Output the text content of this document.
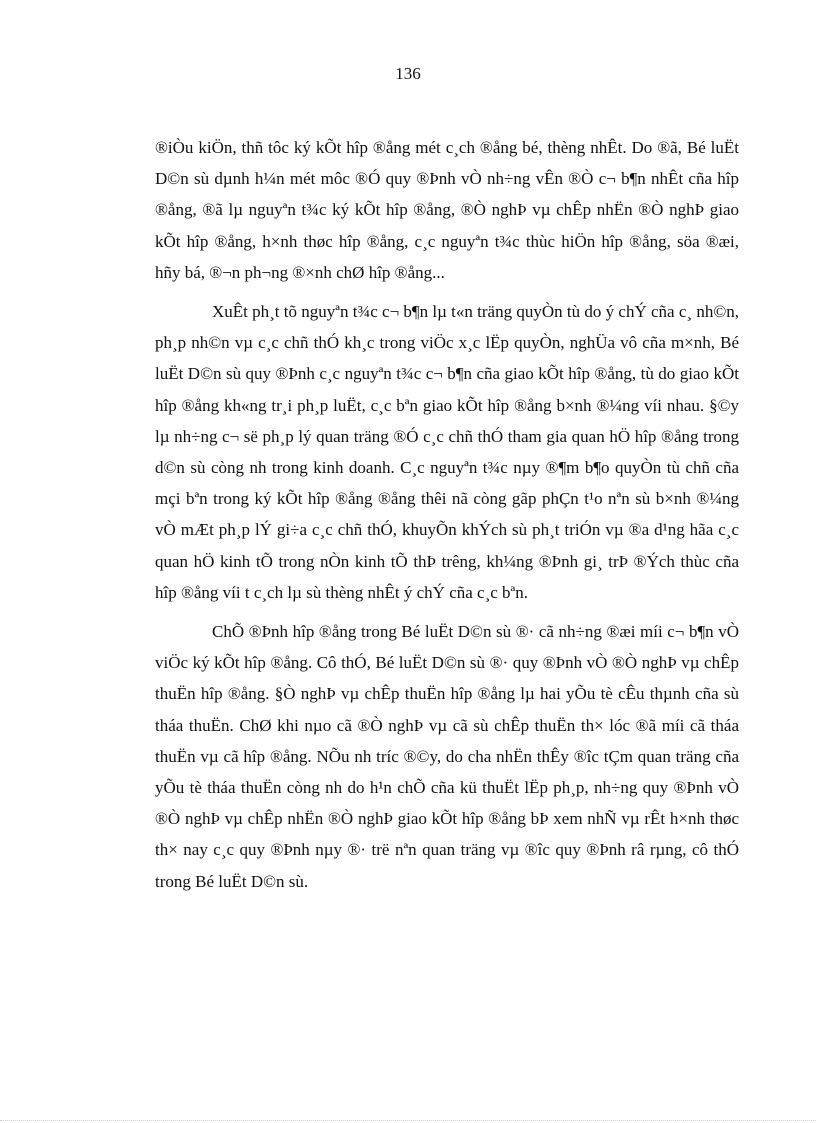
136

®iÒu kiÖn, thñ tôc ký kÕt hîp ®ång mét c¸ch ®ång bé, thèng nhÊt. Do ®ã, Bé luËt D©n sù dµnh h¼n mét môc ®Ó quy ®Þnh vÒ nh÷ng vÊn ®Ò c¬ b¶n nhÊt cña hîp ®ång, ®ã lµ nguyªn t¾c ký kÕt hîp ®ång, ®Ò nghÞ vµ chÊp nhËn ®Ò nghÞ giao kÕt hîp ®ång, h×nh thøc hîp ®ång, c¸c nguyªn t¾c thùc hiÖn hîp ®ång, söa ®æi, hñy bá, ®¬n ph¬ng ®×nh chØ hîp ®ång...

XuÊt ph¸t tõ nguyªn t¾c c¬ b¶n lµ t«n träng quyÒn tù do ý chÝ cña c¸ nh©n, ph¸p nh©n vµ c¸c chñ thÓ kh¸c trong viÖc x¸c lËp quyÒn, nghÜa vô cña m×nh, Bé luËt D©n sù quy ®Þnh c¸c nguyªn t¾c c¬ b¶n cña giao kÕt hîp ®ång, tù do giao kÕt hîp ®ång kh«ng tr¸i ph¸p luËt, c¸c bªn giao kÕt hîp ®ång b×nh ®¼ng víi nhau. §©y lµ nh÷ng c¬ së ph¸p lý quan träng ®Ó c¸c chñ thÓ tham gia quan hÖ hîp ®ång trong d©n sù còng nh trong kinh doanh. C¸c nguyªn t¾c nµy ®¶m b¶o quyÒn tù chñ cña mçi bªn trong ký kÕt hîp ®ång ®ång thêi nã còng gãp phÇn t¹o nªn sù b×nh ®¼ng vÒ mÆt ph¸p lÝ gi÷a c¸c chñ thÓ, khuyÕn khÝch sù ph¸t triÓn vµ ®a d¹ng hãa c¸c quan hÖ kinh tÕ trong nÒn kinh tÕ thÞ trêng, kh¼ng ®Þnh gi¸ trÞ ®Ých thùc cña hîp ®ång víi t c¸ch lµ sù thèng nhÊt ý chÝ cña c¸c bªn.

ChÕ ®Þnh hîp ®ång trong Bé luËt D©n sù ®· cã nh÷ng ®æi míi c¬ b¶n vÒ viÖc ký kÕt hîp ®ång. Cô thÓ, Bé luËt D©n sù ®· quy ®Þnh vÒ ®Ò nghÞ vµ chÊp thuËn hîp ®ång. §Ò nghÞ vµ chÊp thuËn hîp ®ång lµ hai yÕu tè cÊu thµnh cña sù tháa thuËn. ChØ khi nµo cã ®Ò nghÞ vµ cã sù chÊp thuËn th× lóc ®ã míi cã tháa thuËn vµ cã hîp ®ång. NÕu nh tríc ®©y, do cha nhËn thÊy ®îc tÇm quan träng cña yÕu tè tháa thuËn còng nh do h¹n chÕ cña kü thuËt lËp ph¸p, nh÷ng quy ®Þnh vÒ ®Ò nghÞ vµ chÊp nhËn ®Ò nghÞ giao kÕt hîp ®ång bÞ xem nhÑ vµ rÊt h×nh thøc th× nay c¸c quy ®Þnh nµy ®· trë nªn quan träng vµ ®îc quy ®Þnh râ rµng, cô thÓ trong Bé luËt D©n sù.
